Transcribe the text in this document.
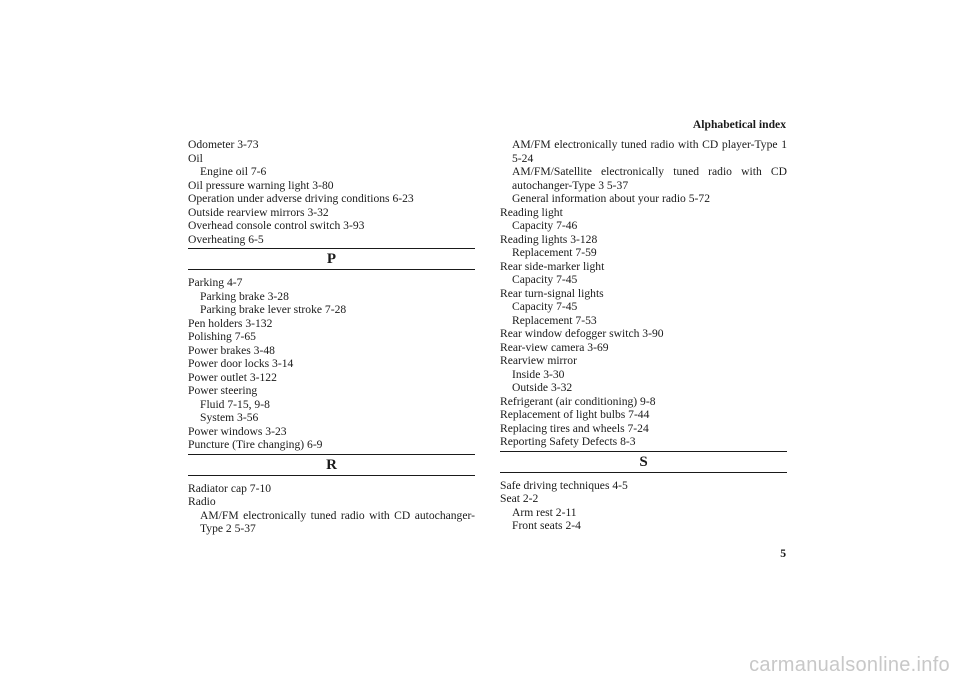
Alphabetical index

Odometer 3-73

Oil

Engine oil 7-6

Oil pressure warning light 3-80

Operation under adverse driving conditions 6-23

Outside rearview mirrors 3-32

Overhead console control switch 3-93

Overheating 6-5

P

Parking 4-7

Parking brake 3-28

Parking brake lever stroke 7-28

Pen holders 3-132

Polishing 7-65

Power brakes 3-48

Power door locks 3-14

Power outlet 3-122

Power steering

Fluid 7-15, 9-8

System 3-56

Power windows 3-23

Puncture (Tire changing) 6-9

R

Radiator cap 7-10

Radio

AM/FM electronically tuned radio with CD autochanger-Type 2 5-37

AM/FM electronically tuned radio with CD player-Type 1 5-24

AM/FM/Satellite electronically tuned radio with CD autochanger-Type 3 5-37

General information about your radio 5-72

Reading light

Capacity 7-46

Reading lights 3-128

Replacement 7-59

Rear side-marker light

Capacity 7-45

Rear turn-signal lights

Capacity 7-45

Replacement 7-53

Rear window defogger switch 3-90

Rear-view camera 3-69

Rearview mirror

Inside 3-30

Outside 3-32

Refrigerant (air conditioning) 9-8

Replacement of light bulbs 7-44

Replacing tires and wheels 7-24

Reporting Safety Defects 8-3

S

Safe driving techniques 4-5

Seat 2-2

Arm rest 2-11

Front seats 2-4

5
carmanualsonline.info
